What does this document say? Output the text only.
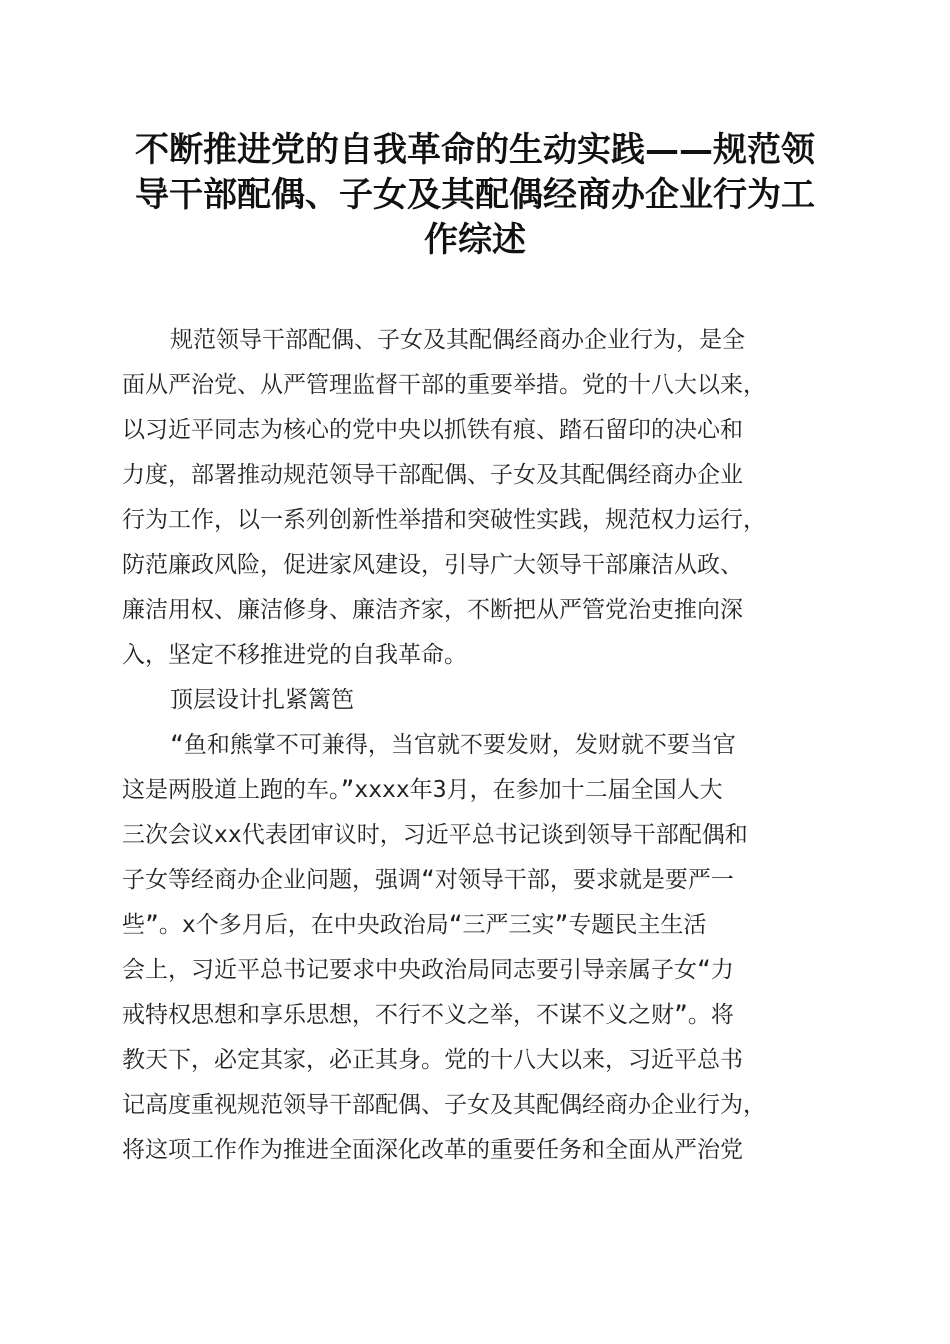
不断推进党的自我革命的生动实践——规范领
导干部配偶、子女及其配偶经商办企业行为工
作综述
规范领导干部配偶、子女及其配偶经商办企业行为，是全
面从严治党、从严管理监督干部的重要举措。党的十八大以来，
以习近平同志为核心的党中央以抓铁有痕、踏石留印的决心和
力度，部署推动规范领导干部配偶、子女及其配偶经商办企业
行为工作，以一系列创新性举措和突破性实践，规范权力运行，
防范廉政风险，促进家风建设，引导广大领导干部廉洁从政、
廉洁用权、廉洁修身、廉洁齐家，不断把从严管党治吏推向深
入，坚定不移推进党的自我革命。
顶层设计扎紧篱笆
“鱼和熊掌不可兼得，当官就不要发财，发财就不要当官
这是两股道上跑的车。”xxxx年3月，在参加十二届全国人大
三次会议xx代表团审议时，习近平总书记谈到领导干部配偶和
子女等经商办企业问题，强调“对领导干部，要求就是要严一
些”。x个多月后，在中央政治局“三严三实”专题民主生活
会上，习近平总书记要求中央政治局同志要引导亲属子女“力
戒特权思想和享乐思想，不行不义之举，不谋不义之财”。将
教天下，必定其家，必正其身。党的十八大以来，习近平总书
记高度重视规范领导干部配偶、子女及其配偶经商办企业行为，
将这项工作作为推进全面深化改革的重要任务和全面从严治党
